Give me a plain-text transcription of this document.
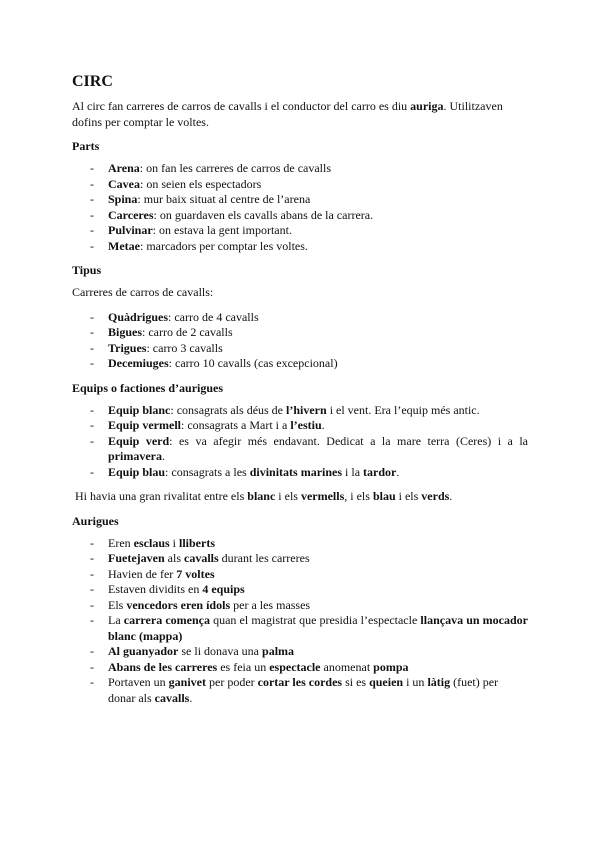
CIRC

Al circ fan carreres de carros de cavalls i el conductor del carro es diu auriga. Utilitzaven dofins per comptar le voltes.

Parts
- Arena: on fan les carreres de carros de cavalls
- Cavea: on seien els espectadors
- Spina: mur baix situat al centre de l’arena
- Carceres: on guardaven els cavalls abans de la carrera.
- Pulvinar: on estava la gent important.
- Metae: marcadors per comptar les voltes.
Tipus

Carreres de carros de cavalls:

- Quàdrigues: carro de 4 cavalls
- Bigues: carro de 2 cavalls
- Trigues: carro 3 cavalls
- Decemiuges: carro 10 cavalls (cas excepcional)
Equips o factiones d’aurigues
- Equip blanc: consagrats als déus de l’hivern i el vent. Era l’equip més antic.
- Equip vermell: consagrats a Mart i a l’estiu.
- Equip verd: es va afegir més endavant. Dedicat a la mare terra (Ceres) i a la primavera.
- Equip blau: consagrats a les divinitats marines i la tardor.

Hi havia una gran rivalitat entre els blanc i els vermells, i els blau i els verds.

Aurigues
- Eren esclaus i lliberts
- Fuetejaven als cavalls durant les carreres
- Havien de fer 7 voltes
- Estaven dividits en 4 equips
- Els vencedors eren ídols per a les masses
- La carrera comença quan el magistrat que presidia l’espectacle llançava un mocador blanc (mappa)
- Al guanyador se li donava una palma
- Abans de les carreres es feia un espectacle anomenat pompa
- Portaven un ganivet per poder cortar les cordes si es queien i un làtig (fuet) per donar als cavalls.
